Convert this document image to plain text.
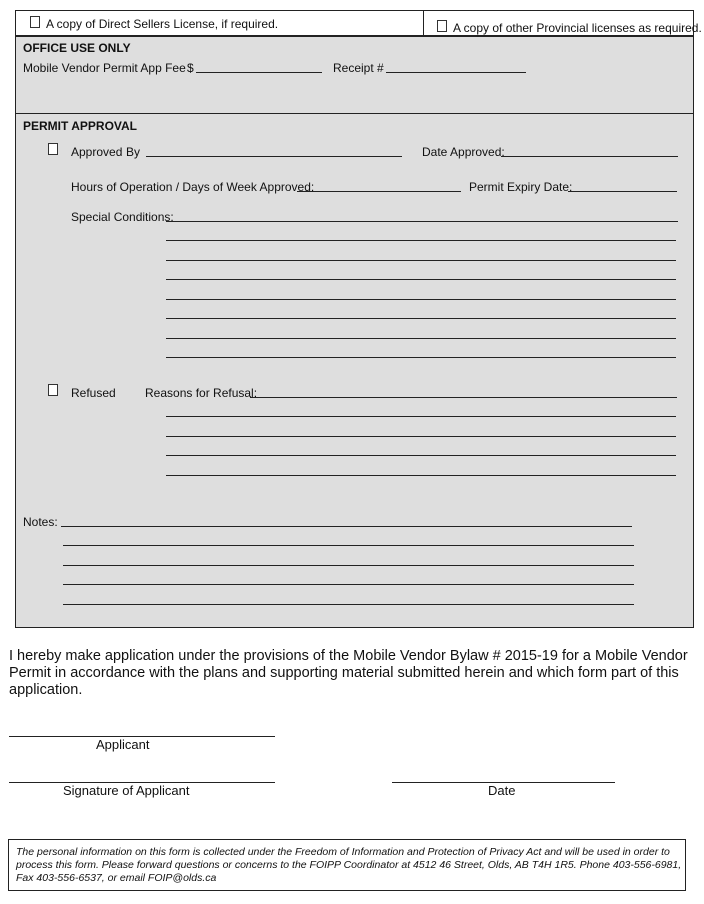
A copy of Direct Sellers License, if required.	A copy of other Provincial licenses as required.
OFFICE USE ONLY
Mobile Vendor Permit App Fee $	Receipt #
PERMIT APPROVAL
Approved By	Date Approved:
Hours of Operation / Days of Week Approved:	Permit Expiry Date:
Special Conditions:
Refused Reasons for Refusal:
Notes:
I hereby make application under the provisions of the Mobile Vendor Bylaw # 2015-19 for a Mobile Vendor Permit in accordance with the plans and supporting material submitted herein and which form part of this application.
Applicant
Signature of Applicant	Date
The personal information on this form is collected under the Freedom of Information and Protection of Privacy Act and will be used in order to process this form. Please forward questions or concerns to the FOIPP Coordinator at 4512 46 Street, Olds, AB T4H 1R5. Phone 403-556-6981, Fax 403-556-6537, or email FOIP@olds.ca
